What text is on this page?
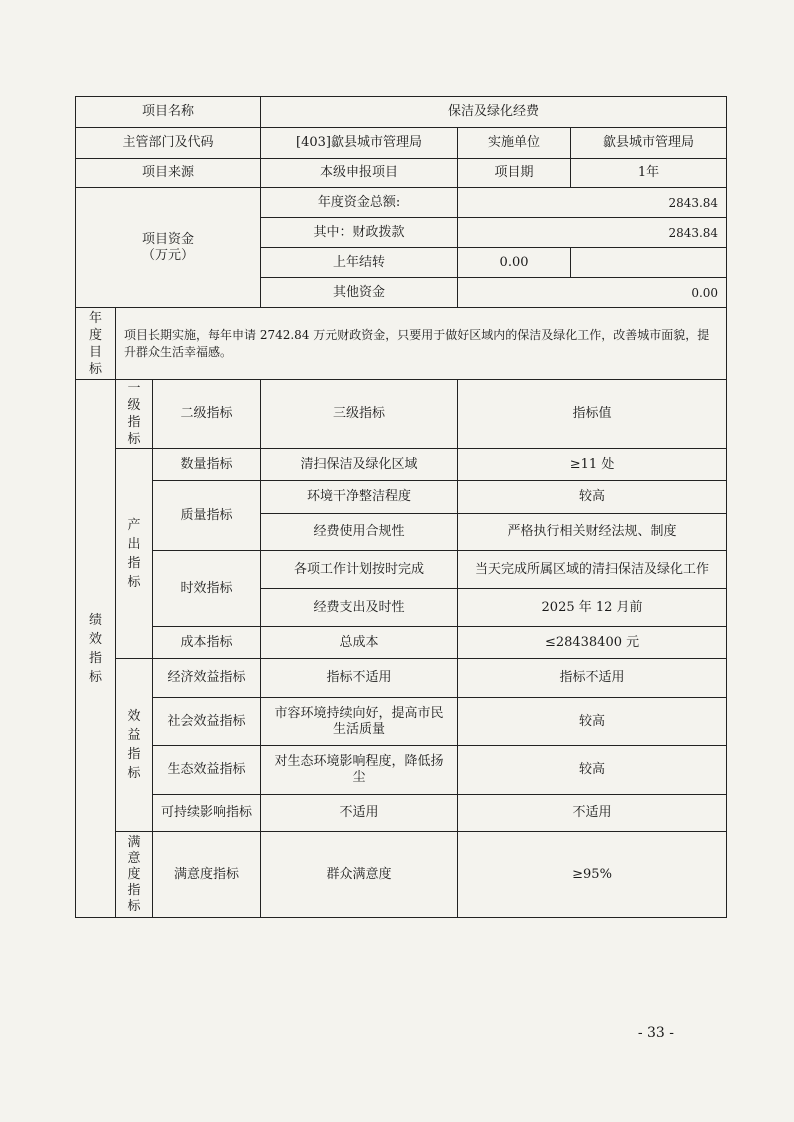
项目名称			保洁及绿化经费		
主管部门及代码			[403]歙县城市管理局	实施单位	歙县城市管理局
项目来源			本级申报项目	项目期	1年

项目资金
（万元）			年度资金总额:	2843.84	
			其中：财政拨款	2843.84	
			上年结转	0.00	
			其他资金	0.00	

年度目标	项目长期实施，每年申请 2742.84 万元财政资金，只要用于做好区域内的保洁及绿化工作，改善城市面貌，提升群众生活幸福感。				

绩效指标	一级指标	二级指标	三级指标	指标值	

	产出指标	数量指标	清扫保洁及绿化区域	≥11 处	
		质量指标	环境干净整洁程度	较高	
			经费使用合规性	严格执行相关财经法规、制度	
		时效指标	各项工作计划按时完成	当天完成所属区域的清扫保洁及绿化工作	

			经费支出及时性	2025 年 12 月前	
		成本指标	总成本	≤28438400 元	

	效益指标	经济效益指标	指标不适用	指标不适用	
		社会效益指标	市容环境持续向好，提高市民生活质量	较高	
		生态效益指标	对生态环境影响程度，降低扬尘	较高	

		可持续影响指标	不适用	不适用	

	满意度指标	满意度指标	群众满意度	≥95%	
- 33 -
